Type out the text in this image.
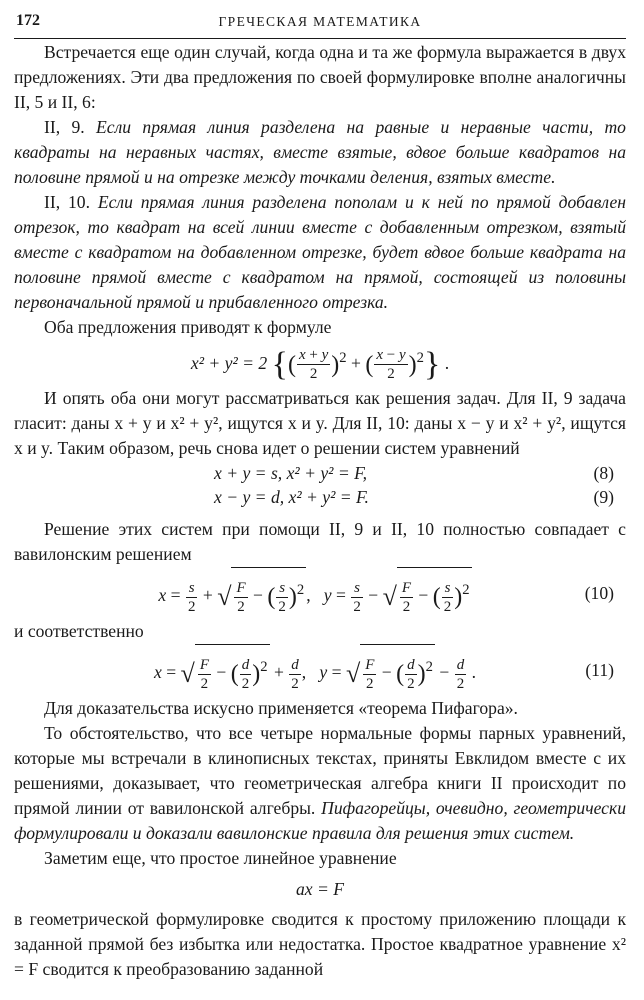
172	ГРЕЧЕСКАЯ МАТЕМАТИКА

Встречается еще один случай, когда одна и та же формула выражается в двух предложениях. Эти два предложения по своей формулировке вполне аналогичны II, 5 и II, 6:

II, 9. Если прямая линия разделена на равные и неравные части, то квадраты на неравных частях, вместе взятые, вдвое больше квадратов на половине прямой и на отрезке между точками деления, взятых вместе.

II, 10. Если прямая линия разделена пополам и к ней по прямой добавлен отрезок, то квадрат на всей линии вместе с добавленным отрезком, взятый вместе с квадратом на добавленном отрезке, будет вдвое больше квадрата на половине прямой вместе с квадратом на прямой, состоящей из половины первоначальной прямой и прибавленного отрезка.

Оба предложения приводят к формуле

x² + y² = 2 {( $\frac{x + y}{2} )^2$ + ( $\frac{x - y}{2} )^2$} .

И опять оба они могут рассматриваться как решения задач. Для II, 9 задача гласит: даны x + y и x² + y², ищутся x и y. Для II, 10: даны x − y и x² + y², ищутся x и y. Таким образом, речь снова идет о решении систем уравнений

x + y = s, x² + y² = F,	(8)
x − y = d, x² + y² = F.	(9)

Решение этих систем при помощи II, 9 и II, 10 полностью совпадает с вавилонским решением

$x = \frac{s}{2}$ + √ $\frac{F}{2}$ − ( $\frac{s}{2} )^2$ ,   $y = \frac{s}{2}$ − √ $\frac{F}{2}$ − ( $\frac{s}{2} )^2$	(10)

и соответственно

x = √ $\frac{F}{2}$ − ( $\frac{d}{2} )^2 + \frac{d}{2}$ ,   y = √ $\frac{F}{2}$ − ( $\frac{d}{2} )^2 - \frac{d}{2}$ .	(11)

Для доказательства искусно применяется «теорема Пифагора».

То обстоятельство, что все четыре нормальные формы парных уравнений, которые мы встречали в клинописных текстах, приняты Евклидом вместе с их решениями, доказывает, что геометрическая алгебра книги II происходит по прямой линии от вавилонской алгебры. Пифагорейцы, очевидно, геометрически формулировали и доказали вавилонские правила для решения этих систем.

Заметим еще, что простое линейное уравнение

ax = F

в геометрической формулировке сводится к простому приложению площади к заданной прямой без избытка или недостатка. Простое квадратное уравнение x² = F сводится к преобразованию заданной
